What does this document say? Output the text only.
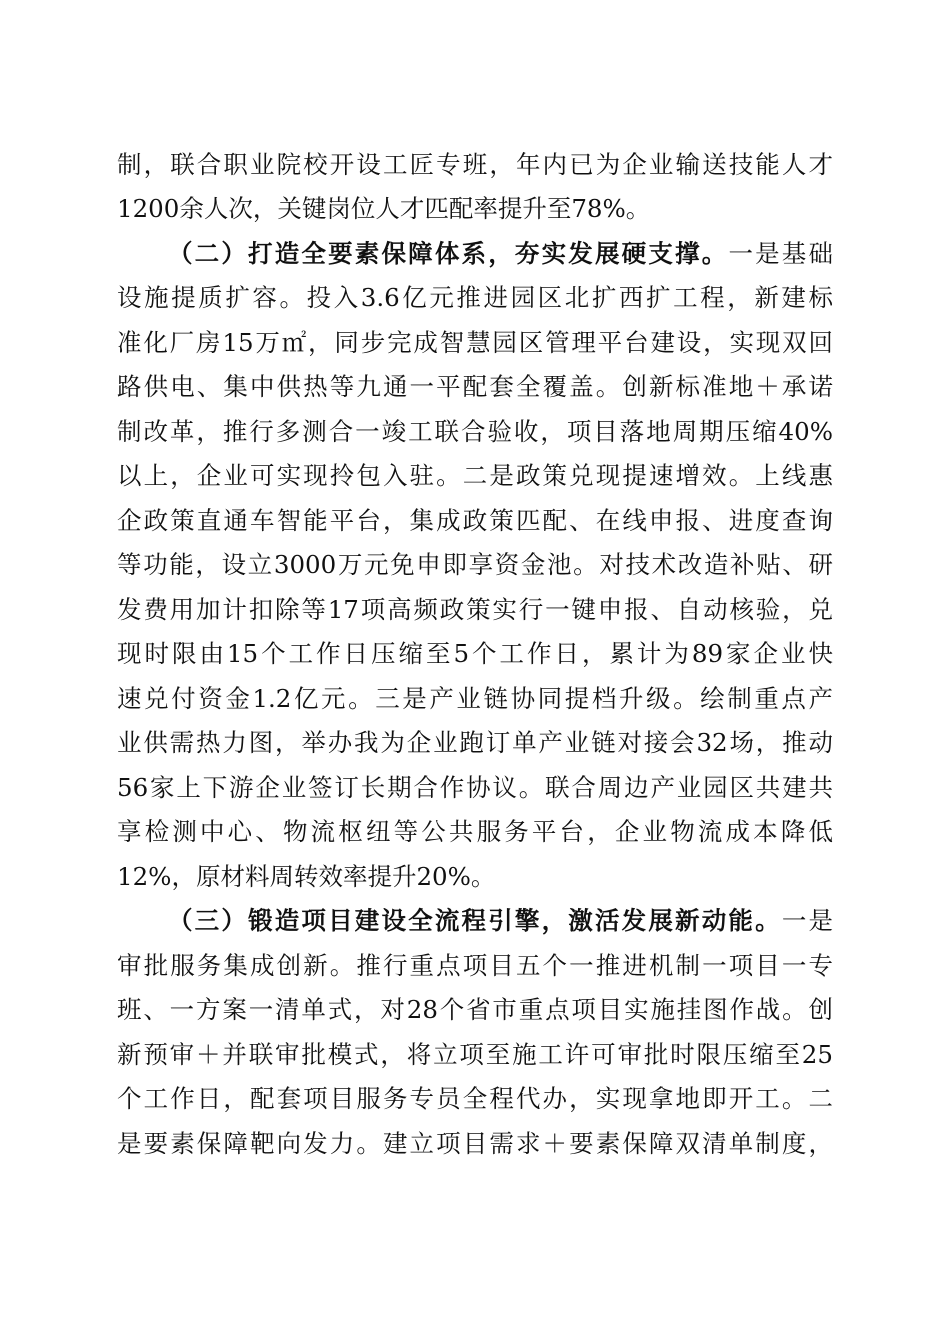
制，联合职业院校开设工匠专班，年内已为企业输送技能人才
1200余人次，关键岗位人才匹配率提升至78%。
（二）打造全要素保障体系，夯实发展硬支撑。一是基础
设施提质扩容。投入3.6亿元推进园区北扩西扩工程，新建标
准化厂房15万㎡，同步完成智慧园区管理平台建设，实现双回
路供电、集中供热等九通一平配套全覆盖。创新标准地＋承诺
制改革，推行多测合一竣工联合验收，项目落地周期压缩40%
以上，企业可实现拎包入驻。二是政策兑现提速增效。上线惠
企政策直通车智能平台，集成政策匹配、在线申报、进度查询
等功能，设立3000万元免申即享资金池。对技术改造补贴、研
发费用加计扣除等17项高频政策实行一键申报、自动核验，兑
现时限由15个工作日压缩至5个工作日，累计为89家企业快
速兑付资金1.2亿元。三是产业链协同提档升级。绘制重点产
业供需热力图，举办我为企业跑订单产业链对接会32场，推动
56家上下游企业签订长期合作协议。联合周边产业园区共建共
享检测中心、物流枢纽等公共服务平台，企业物流成本降低
12%，原材料周转效率提升20%。
（三）锻造项目建设全流程引擎，激活发展新动能。一是
审批服务集成创新。推行重点项目五个一推进机制一项目一专
班、一方案一清单式，对28个省市重点项目实施挂图作战。创
新预审＋并联审批模式，将立项至施工许可审批时限压缩至25
个工作日，配套项目服务专员全程代办，实现拿地即开工。二
是要素保障靶向发力。建立项目需求＋要素保障双清单制度，
